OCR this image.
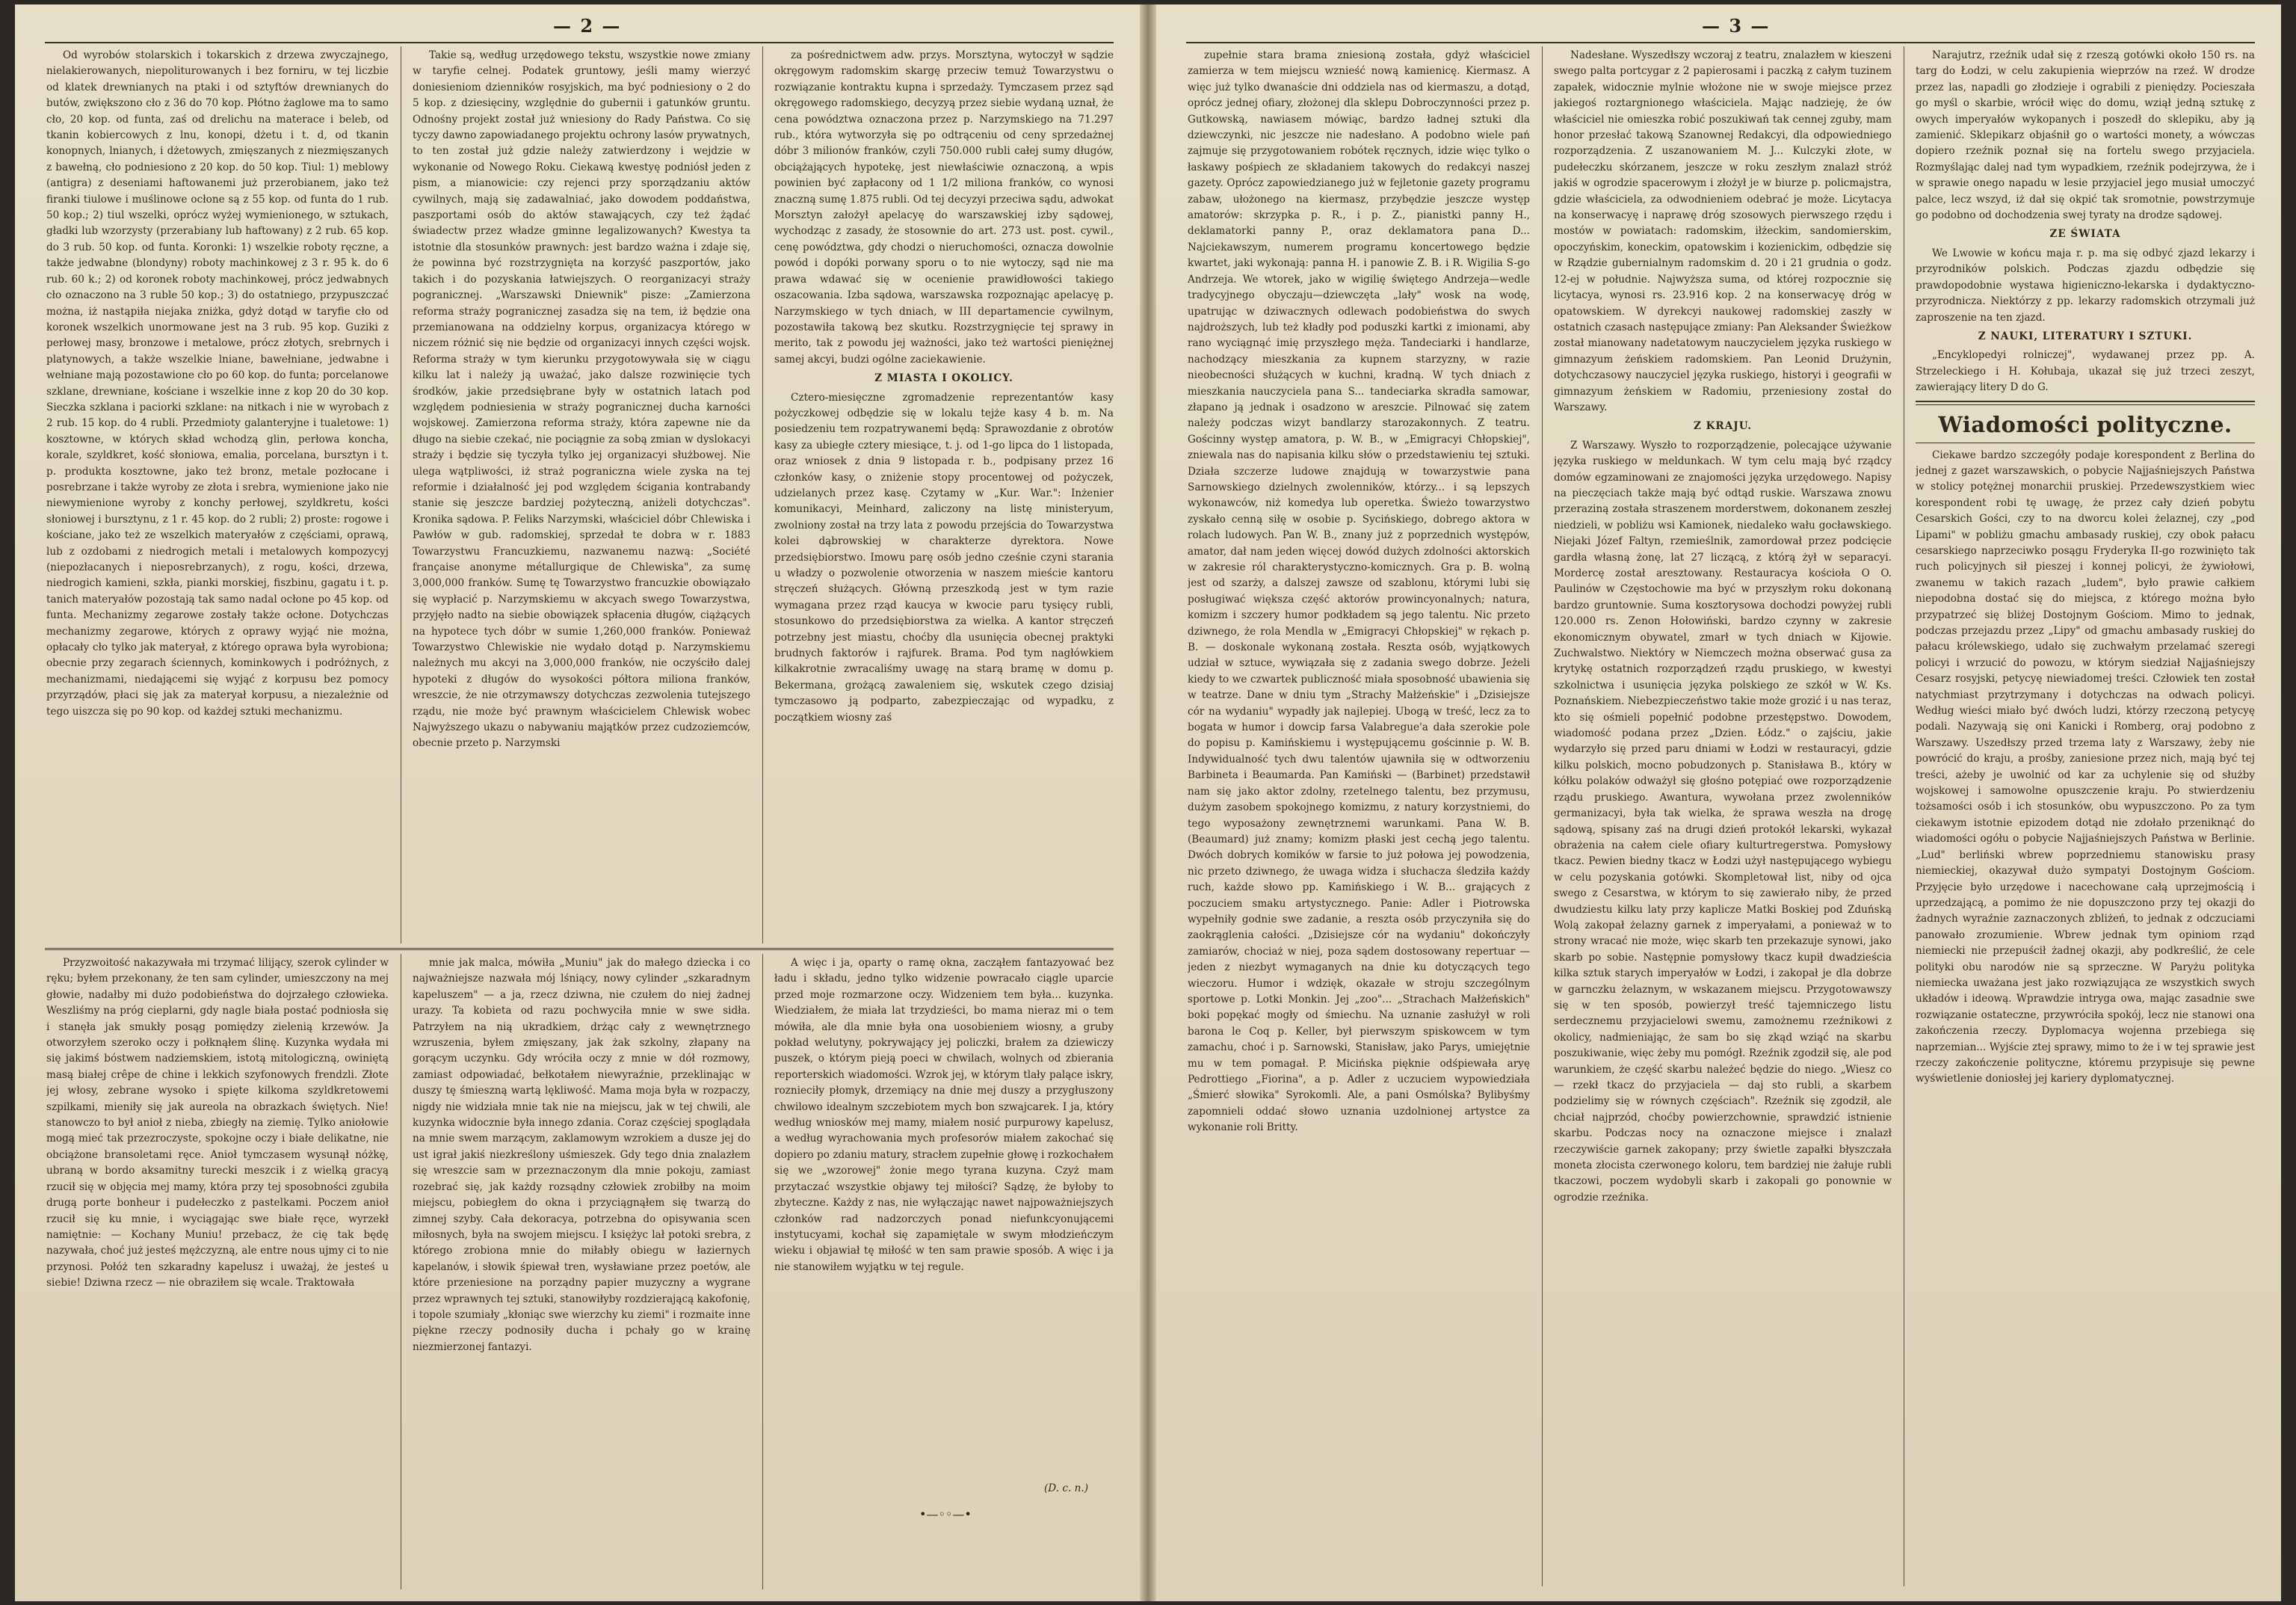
— 2 —

Od wyrobów stolarskich i tokarskich z drzewa zwyczajnego, nielakierowanych, niepoliturowanych i bez forniru, w tej liczbie od klatek drewnianych na ptaki i od sztyftów drewnianych do butów, zwiększono cło z 36 do 70 kop. Płótno żaglowe ma to samo cło, 20 kop. od funta, zaś od drelichu na materace i beleb, od tkanin kobiercowych z lnu, konopi, dżetu i t. d, od tkanin konopnych, lnianych, i dżetowych, zmięszanych z niezmięszanych z bawełną, cło podniesiono z 20 kop. do 50 kop. Tiul: 1) meblowy (antigra) z deseniami haftowanemi już przerobianem, jako też firanki tiulowe i muślinowe ocłone są z 55 kop. od funta do 1 rub. 50 kop.; 2) tiul wszelki, oprócz wyżej wymienionego, w sztukach, gładki lub wzorzysty (przerabiany lub haftowany) z 2 rub. 65 kop. do 3 rub. 50 kop. od funta. Koronki: 1) wszelkie roboty ręczne, a także jedwabne (blondyny) roboty machinkowej z 3 r. 95 k. do 6 rub. 60 k.; 2) od koronek roboty machinkowej, prócz jedwabnych cło oznaczono na 3 ruble 50 kop.; 3) do ostatniego, przypuszczać można, iż nastąpiła niejaka zniżka, gdyż dotąd w taryfie cło od koronek wszelkich unormowane jest na 3 rub. 95 kop. Guziki z perłowej masy, bronzowe i metalowe, prócz złotych, srebrnych i platynowych, a także wszelkie lniane, bawełniane, jedwabne i wełniane mają pozostawione cło po 60 kop. do funta; porcelanowe szklane, drewniane, kościane i wszelkie inne z kop 20 do 30 kop. Sieczka szklana i paciorki szklane: na nitkach i nie w wyrobach z 2 rub. 15 kop. do 4 rubli. Przedmioty galanteryjne i tualetowe: 1) kosztowne, w których skład wchodzą glin, perłowa koncha, korale, szyldkret, kość słoniowa, emalia, porcelana, bursztyn i t. p. produkta kosztowne, jako też bronz, metale pozłocane i posrebrzane i także wyroby ze złota i srebra, wymienione jako nie niewymienione wyroby z konchy perłowej, szyldkretu, kości słoniowej i bursztynu, z 1 r. 45 kop. do 2 rubli; 2) proste: rogowe i kościane, jako też ze wszelkich materyałów z częściami, oprawą, lub z ozdobami z niedrogich metali i metalowych kompozycyj (niepozłacanych i nieposrebrzanych), z rogu, kości, drzewa, niedrogich kamieni, szkła, pianki morskiej, fiszbinu, gagatu i t. p. tanich materyałów pozostają tak samo nadal ocłone po 45 kop. od funta. Mechanizmy zegarowe zostały także ocłone. Dotychczas mechanizmy zegarowe, których z oprawy wyjąć nie można, opłacały cło tylko jak materyał, z którego oprawa była wyrobiona; obecnie przy zegarach ściennych, kominkowych i podróżnych, z mechanizmami, niedającemi się wyjąć z korpusu bez pomocy przyrządów, płaci się jak za materyał korpusu, a niezależnie od tego uiszcza się po 90 kop. od każdej sztuki mechanizmu.

Takie są, według urzędowego tekstu, wszystkie nowe zmiany w taryfie celnej. Podatek gruntowy, jeśli mamy wierzyć doniesieniom dzienników rosyjskich, ma być podniesiony o 2 do 5 kop. z dziesięciny, względnie do gubernii i gatunków gruntu. Odnośny projekt został już wniesiony do Rady Państwa. Co się tyczy dawno zapowiadanego projektu ochrony lasów prywatnych, to ten został już gdzie należy zatwierdzony i wejdzie w wykonanie od Nowego Roku. Ciekawą kwestyę podniósł jeden z pism, a mianowicie: czy rejenci przy sporządzaniu aktów cywilnych, mają się zadawalniać, jako dowodem poddaństwa, paszportami osób do aktów stawających, czy też żądać świadectw przez władze gminne legalizowanych? Kwestya ta istotnie dla stosunków prawnych: jest bardzo ważna i zdaje się, że powinna być rozstrzygnięta na korzyść paszportów, jako takich i do pozyskania łatwiejszych. O reorganizacyi straży pogranicznej. „Warszawski Dniewnik" pisze: „Zamierzona reforma straży pogranicznej zasadza się na tem, iż będzie ona przemianowana na oddzielny korpus, organizacya którego w niczem różnić się nie będzie od organizacyi innych części wojsk. Reforma straży w tym kierunku przygotowywała się w ciągu kilku lat i należy ją uważać, jako dalsze rozwinięcie tych środków, jakie przedsiębrane były w ostatnich latach pod względem podniesienia w straży pogranicznej ducha karności wojskowej. Zamierzona reforma straży, która zapewne nie da długo na siebie czekać, nie pociągnie za sobą zmian w dyslokacyi straży i będzie się tyczyła tylko jej organizacyi służbowej. Nie ulega wątpliwości, iż straż pograniczna wiele zyska na tej reformie i działalność jej pod względem ścigania kontrabandy stanie się jeszcze bardziej pożyteczną, aniżeli dotychczas". Kronika sądowa. P. Feliks Narzymski, właściciel dóbr Chlewiska i Pawłów w gub. radomskiej, sprzedał te dobra w r. 1883 Towarzystwu Francuzkiemu, nazwanemu nazwą: „Société française anonyme métallurgique de Chlewiska", za sumę 3,000,000 franków. Sumę tę Towarzystwo francuzkie obowiązało się wypłacić p. Narzymskiemu w akcyach swego Towarzystwa, przyjęło nadto na siebie obowiązek spłacenia długów, ciążących na hypotece tych dóbr w sumie 1,260,000 franków. Ponieważ Towarzystwo Chlewiskie nie wydało dotąd p. Narzymskiemu należnych mu akcyi na 3,000,000 franków, nie oczyściło dalej hypoteki z długów do wysokości półtora miliona franków, wreszcie, że nie otrzymawszy dotychczas zezwolenia tutejszego rządu, nie może być prawnym właścicielem Chlewisk wobec Najwyższego ukazu o nabywaniu majątków przez cudzoziemców, obecnie przeto p. Narzymski

za pośrednictwem adw. przys. Morsztyna, wytoczył w sądzie okręgowym radomskim skargę przeciw temuż Towarzystwu o rozwiązanie kontraktu kupna i sprzedaży. Tymczasem przez sąd okręgowego radomskiego, decyzyą przez siebie wydaną uznał, że cena powództwa oznaczona przez p. Narzymskiego na 71.297 rub., która wytworzyła się po odtrąceniu od ceny sprzedażnej dóbr 3 milionów franków, czyli 750.000 rubli całej sumy długów, obciążających hypotekę, jest niewłaściwie oznaczoną, a wpis powinien być zapłacony od 1 1/2 miliona franków, co wynosi znaczną sumę 1.875 rubli. Od tej decyzyi przeciwa sądu, adwokat Morsztyn założył apelacyę do warszawskiej izby sądowej, wychodząc z zasady, że stosownie do art. 273 ust. post. cywil., cenę powództwa, gdy chodzi o nieruchomości, oznacza dowolnie powód i dopóki porwany sporu o to nie wytoczy, sąd nie ma prawa wdawać się w ocenienie prawidłowości takiego oszacowania. Izba sądowa, warszawska rozpoznając apelacyę p. Narzymskiego w tych dniach, w III departamencie cywilnym, pozostawiła takową bez skutku. Rozstrzygnięcie tej sprawy in merito, tak z powodu jej ważności, jako też wartości pieniężnej samej akcyi, budzi ogólne zaciekawienie.

Z MIASTA I OKOLICY.

Cztero-miesięczne zgromadzenie reprezentantów kasy pożyczkowej odbędzie się w lokalu tejże kasy 4 b. m. Na posiedzeniu tem rozpatrywanemi będą: Sprawozdanie z obrotów kasy za ubiegłe cztery miesiące, t. j. od 1-go lipca do 1 listopada, oraz wniosek z dnia 9 listopada r. b., podpisany przez 16 członków kasy, o zniżenie stopy procentowej od pożyczek, udzielanych przez kasę. Czytamy w „Kur. War.": Inżenier komunikacyi, Meinhard, zaliczony na listę ministeryum, zwolniony został na trzy lata z powodu przejścia do Towarzystwa kolei dąbrowskiej w charakterze dyrektora. Nowe przedsiębiorstwo. Imowu parę osób jedno cześnie czyni starania u władzy o pozwolenie otworzenia w naszem mieście kantoru stręczeń służących. Główną przeszkodą jest w tym razie wymagana przez rząd kaucya w kwocie paru tysięcy rubli, stosunkowo do przedsiębiorstwa za wielka. A kantor stręczeń potrzebny jest miastu, choćby dla usunięcia obecnej praktyki brudnych faktorów i rajfurek. Brama. Pod tym nagłówkiem kilkakrotnie zwracaliśmy uwagę na starą bramę w domu p. Bekermana, grożącą zawaleniem się, wskutek czego dzisiaj tymczasowo ją podparto, zabezpieczając od wypadku, z początkiem wiosny zaś

Przyzwoitość nakazywała mi trzymać lilijący, szerok cylinder w ręku; byłem przekonany, że ten sam cylinder, umieszczony na mej głowie, nadałby mi dużo podobieństwa do dojrzałego człowieka. Weszliśmy na próg cieplarni, gdy nagle biała postać podniosła się i stanęła jak smukły posąg pomiędzy zielenią krzewów. Ja otworzyłem szeroko oczy i połknąłem ślinę. Kuzynka wydała mi się jakimś bóstwem nadziemskiem, istotą mitologiczną, owiniętą masą białej crêpe de chine i lekkich szyfonowych frendzli. Złote jej włosy, zebrane wysoko i spięte kilkoma szyldkretowemi szpilkami, mieniły się jak aureola na obrazkach świętych. Nie! stanowczo to był anioł z nieba, zbiegły na ziemię. Tylko aniołowie mogą mieć tak przezroczyste, spokojne oczy i białe delikatne, nie obciążone bransoletami ręce. Anioł tymczasem wysunął nóżkę, ubraną w bordo aksamitny turecki meszcik i z wielką gracyą rzucił się w objęcia mej mamy, która przy tej sposobności zgubiła drugą porte bonheur i pudełeczko z pastelkami. Poczem anioł rzucił się ku mnie, i wyciągając swe białe ręce, wyrzekł namiętnie: — Kochany Muniu! przebacz, że cię tak będę nazywała, choć już jesteś mężczyzną, ale entre nous ujmy ci to nie przynosi. Połóż ten szkaradny kapelusz i uważaj, że jesteś u siebie! Dziwna rzecz — nie obraziłem się wcale. Traktowała

mnie jak malca, mówiła „Muniu" jak do małego dziecka i co najważniejsze nazwała mój lśniący, nowy cylinder „szkaradnym kapeluszem" — a ja, rzecz dziwna, nie czułem do niej żadnej urazy. Ta kobieta od razu pochwyciła mnie w swe sidła. Patrzyłem na nią ukradkiem, drżąc cały z wewnętrznego wzruszenia, byłem zmięszany, jak żak szkolny, złapany na gorącym uczynku. Gdy wróciła oczy z mnie w dół rozmowy, zamiast odpowiadać, bełkotałem niewyraźnie, przeklinając w duszy tę śmieszną wartą lękliwość. Mama moja była w rozpaczy, nigdy nie widziała mnie tak nie na miejscu, jak w tej chwili, ale kuzynka widocznie była innego zdania. Coraz częściej spoglądała na mnie swem marzącym, zaklamowym wzrokiem a dusze jej do ust igrał jakiś niezkreślony uśmieszek. Gdy tego dnia znalazłem się wreszcie sam w przeznaczonym dla mnie pokoju, zamiast rozebrać się, jak każdy rozsądny człowiek zrobiłby na moim miejscu, pobiegłem do okna i przyciągnąłem się twarzą do zimnej szyby. Cała dekoracya, potrzebna do opisywania scen miłosnych, była na swojem miejscu. I księżyc lał potoki srebra, z którego zrobiona mnie do miłabły obiegu w łaziernych kapelanów, i słowik śpiewał tren, wysławiane przez poetów, ale które przeniesione na porządny papier muzyczny a wygrane przez wprawnych tej sztuki, stanowiłyby rozdzierającą kakofonię, i topole szumiały „kłoniąc swe wierzchy ku ziemi" i rozmaite inne piękne rzeczy podnosiły ducha i pchały go w krainę niezmierzonej fantazyi.

A więc i ja, oparty o ramę okna, zacząłem fantazyować bez ładu i składu, jedno tylko widzenie powracało ciągle uparcie przed moje rozmarzone oczy. Widzeniem tem była... kuzynka. Wiedziałem, że miała lat trzydzieści, bo mama nieraz mi o tem mówiła, ale dla mnie była ona uosobieniem wiosny, a gruby pokład welutyny, pokrywający jej policzki, brałem za dziewiczy puszek, o którym pieją poeci w chwilach, wolnych od zbierania reporterskich wiadomości. Wzrok jej, w którym tlały palące iskry, roznieciły płomyk, drzemiący na dnie mej duszy a przygłuszony chwilowo idealnym szczebiotem mych bon szwajcarek. I ja, który według wniosków mej mamy, miałem nosić purpurowy kapelusz, a według wyrachowania mych profesorów miałem zakochać się dopiero po zdaniu matury, stracłem zupełnie głowę i rozkochałem się we „wzorowej" żonie mego tyrana kuzyna. Czyż mam przytaczać wszystkie objawy tej miłości? Sądzę, że byłoby to zbyteczne. Każdy z nas, nie wyłączając nawet najpoważniejszych członków rad nadzorczych ponad niefunkcyonującemi instytucyami, kochał się zapamiętale w swym młodzieńczym wieku i objawiał tę miłość w ten sam prawie sposób. A więc i ja nie stanowiłem wyjątku w tej regule.

(D. c. n.)
•—◦◦—•
— 3 —

zupełnie stara brama zniesioną została, gdyż właściciel zamierza w tem miejscu wznieść nową kamienicę. Kiermasz. A więc już tylko dwanaście dni oddziela nas od kiermaszu, a dotąd, oprócz jednej ofiary, złożonej dla sklepu Dobroczynności przez p. Gutkowską, nawiasem mówiąc, bardzo ładnej sztuki dla dziewczynki, nic jeszcze nie nadesłano. A podobno wiele pań zajmuje się przygotowaniem robótek ręcznych, idzie więc tylko o łaskawy pośpiech ze składaniem takowych do redakcyi naszej gazety. Oprócz zapowiedzianego już w fejletonie gazety programu zabaw, ułożonego na kiermasz, przybędzie jeszcze występ amatorów: skrzypka p. R., i p. Z., pianistki panny H., deklamatorki panny P., oraz deklamatora pana D... Najciekawszym, numerem programu koncertowego będzie kwartet, jaki wykonają: panna H. i panowie Z. B. i R. Wigilia S-go Andrzeja. We wtorek, jako w wigilię świętego Andrzeja—wedle tradycyjnego obyczaju—dziewczęta „lały" wosk na wodę, upatrując w dziwacznych odlewach podobieństwa do swych najdroższych, lub też kładły pod poduszki kartki z imionami, aby rano wyciągnąć imię przyszłego męża. Tandeciarki i handlarze, nachodzący mieszkania za kupnem starzyzny, w razie nieobecności służących w kuchni, kradną. W tych dniach z mieszkania nauczyciela pana S... tandeciarka skradła samowar, złapano ją jednak i osadzono w areszcie. Pilnować się zatem należy podczas wizyt bandlarzy starozakonnych. Z teatru. Gościnny występ amatora, p. W. B., w „Emigracyi Chłopskiej", zniewala nas do napisania kilku słów o przedstawieniu tej sztuki. Działa szczerze ludowe znajdują w towarzystwie pana Sarnowskiego dzielnych zwolenników, którzy... i są lepszych wykonawców, niż komedya lub operetka. Świeżo towarzystwo zyskało cenną siłę w osobie p. Sycińskiego, dobrego aktora w rolach ludowych. Pan W. B., znany już z poprzednich występów, amator, dał nam jeden więcej dowód dużych zdolności aktorskich w zakresie ról charakterystyczno-komicznych. Gra p. B. wolną jest od szarży, a dalszej zawsze od szablonu, którymi lubi się posługiwać większa część aktorów prowincyonalnych; natura, komizm i szczery humor podkładem są jego talentu. Nic przeto dziwnego, że rola Mendla w „Emigracyi Chłopskiej" w rękach p. B. — doskonale wykonaną została. Reszta osób, wyjątkowych udział w sztuce, wywiązała się z zadania swego dobrze. Jeżeli kiedy to we czwartek publiczność miała sposobność ubawienia się w teatrze. Dane w dniu tym „Strachy Małżeńskie" i „Dzisiejsze cór na wydaniu" wypadły jak najlepiej. Ubogą w treść, lecz za to bogata w humor i dowcip farsa Valabregue'a dała szerokie pole do popisu p. Kamińskiemu i występującemu gościnnie p. W. B. Indywidualność tych dwu talentów ujawniła się w odtworzeniu Barbineta i Beaumarda. Pan Kamiński — (Barbinet) przedstawił nam się jako aktor zdolny, rzetelnego talentu, bez przymusu, dużym zasobem spokojnego komizmu, z natury korzystniemi, do tego wyposażony zewnętrznemi warunkami. Pana W. B. (Beaumard) już znamy; komizm płaski jest cechą jego talentu. Dwóch dobrych komików w farsie to już połowa jej powodzenia, nic przeto dziwnego, że uwaga widza i słuchacza śledziła każdy ruch, każde słowo pp. Kamińskiego i W. B... grających z poczuciem smaku artystycznego. Panie: Adler i Piotrowska wypełniły godnie swe zadanie, a reszta osób przyczyniła się do zaokrąglenia całości. „Dzisiejsze cór na wydaniu" dokończyły zamiarów, chociaż w niej, poza sądem dostosowany repertuar — jeden z niezbyt wymaganych na dnie ku dotyczących tego wieczoru. Humor i wdzięk, okazałe w stroju szczególnym sportowe p. Lotki Monkin. Jej „zoo"... „Strachach Małżeńskich" boki popękać mogły od śmiechu. Na uznanie zasłużył w roli barona le Coq p. Keller, był pierwszym spiskowcem w tym zamachu, choć i p. Sarnowski, Stanisław, jako Parys, umiejętnie mu w tem pomagał. P. Micińska pięknie odśpiewała aryę Pedrottiego „Fiorina", a p. Adler z uczuciem wypowiedziała „Śmierć słowika" Syrokomli. Ale, a pani Osmólska? Bylibyśmy zapomnieli oddać słowo uznania uzdolnionej artystce za wykonanie roli Britty.

Nadesłane. Wyszedłszy wczoraj z teatru, znalazłem w kieszeni swego palta portcygar z 2 papierosami i paczką z całym tuzinem zapałek, widocznie mylnie włożone nie w swoje miejsce przez jakiegoś roztargnionego właściciela. Mając nadzieję, że ów właściciel nie omieszka robić poszukiwań tak cennej zguby, mam honor przesłać takową Szanownej Redakcyi, dla odpowiedniego rozporządzenia. Z uszanowaniem M. J... Kulczyki złote, w pudełeczku skórzanem, jeszcze w roku zeszłym znalazł stróż jakiś w ogrodzie spacerowym i złożył je w biurze p. policmajstra, gdzie właściciela, za odwodnieniem odebrać je może. Licytacya na konserwacyę i naprawę dróg szosowych pierwszego rzędu i mostów w powiatach: radomskim, iłżeckim, sandomierskim, opoczyńskim, koneckim, opatowskim i kozienickim, odbędzie się w Rządzie gubernialnym radomskim d. 20 i 21 grudnia o godz. 12-ej w południe. Najwyższa suma, od której rozpocznie się licytacya, wynosi rs. 23.916 kop. 2 na konserwacyę dróg w opatowskiem. W dyrekcyi naukowej radomskiej zaszły w ostatnich czasach następujące zmiany: Pan Aleksander Świeżkow został mianowany nadetatowym nauczycielem języka ruskiego w gimnazyum żeńskiem radomskiem. Pan Leonid Drużynin, dotychczasowy nauczyciel języka ruskiego, historyi i geografii w gimnazyum żeńskiem w Radomiu, przeniesiony został do Warszawy.

Z KRAJU.

Z Warszawy. Wyszło to rozporządzenie, polecające używanie języka ruskiego w meldunkach. W tym celu mają być rządcy domów egzaminowani ze znajomości języka urzędowego. Napisy na pieczęciach także mają być odtąd ruskie. Warszawa znowu przeraziną została straszenem morderstwem, dokonanem zeszłej niedzieli, w pobliżu wsi Kamionek, niedaleko wału gocławskiego. Niejaki Józef Faltyn, rzemieślnik, zamordował przez podcięcie gardła własną żonę, lat 27 liczącą, z którą żył w separacyi. Mordercę został aresztowany. Restauracya kościoła O O. Paulinów w Częstochowie ma być w przyszłym roku dokonaną bardzo gruntownie. Suma kosztorysowa dochodzi powyżej rubli 120.000 rs. Zenon Hołowiński, bardzo czynny w zakresie ekonomicznym obywatel, zmarł w tych dniach w Kijowie. Zuchwalstwo. Niektóry w Niemczech można obserwać gusa za krytykę ostatnich rozporządzeń rządu pruskiego, w kwestyi szkolnictwa i usunięcia języka polskiego ze szkół w W. Ks. Poznańskiem. Niebezpieczeństwo takie może grozić i u nas teraz, kto się ośmieli popełnić podobne przestępstwo. Dowodem, wiadomość podana przez „Dzien. Łódz." o zajściu, jakie wydarzyło się przed paru dniami w Łodzi w restauracyi, gdzie kilku polskich, mocno pobudzonych p. Stanisława B., który w kółku polaków odważył się głośno potępiać owe rozporządzenie rządu pruskiego. Awantura, wywołana przez zwolenników germanizacyi, była tak wielka, że sprawa weszła na drogę sądową, spisany zaś na drugi dzień protokół lekarski, wykazał obrażenia na całem ciele ofiary kulturtregerstwa. Pomysłowy tkacz. Pewien biedny tkacz w Łodzi użył następującego wybiegu w celu pozyskania gotówki. Skompletował list, niby od ojca swego z Cesarstwa, w którym to się zawierało niby, że przed dwudziestu kilku laty przy kaplicze Matki Boskiej pod Zduńską Wolą zakopał żelazny garnek z imperyałami, a ponieważ w to strony wracać nie może, więc skarb ten przekazuje synowi, jako skarb po sobie. Następnie pomysłowy tkacz kupił dwadzieścia kilka sztuk starych imperyałów w Łodzi, i zakopał je dla dobrze w garnczku żelaznym, w wskazanem miejscu. Przygotowawszy się w ten sposób, powierzył treść tajemniczego listu serdecznemu przyjacielowi swemu, zamożnemu rzeźnikowi z okolicy, nadmieniając, że sam bo się zkąd wziąć na skarbu poszukiwanie, więc żeby mu pomógł. Rzeźnik zgodził się, ale pod warunkiem, że część skarbu należeć będzie do niego. „Wiesz co — rzekł tkacz do przyjaciela — daj sto rubli, a skarbem podzielimy się w równych częściach". Rzeźnik się zgodził, ale chciał najprzód, choćby powierzchownie, sprawdzić istnienie skarbu. Podczas nocy na oznaczone miejsce i znalazł rzeczywiście garnek zakopany; przy świetle zapałki błyszczała moneta złocista czerwonego koloru, tem bardziej nie żałuje rubli tkaczowi, poczem wydobyli skarb i zakopali go ponownie w ogrodzie rzeźnika.

Narajutrz, rzeźnik udał się z rzeszą gotówki około 150 rs. na targ do Łodzi, w celu zakupienia wieprzów na rzeź. W drodze przez las, napadli go złodzieje i ograbili z pieniędzy. Pocieszała go myśl o skarbie, wrócił więc do domu, wziął jedną sztukę z owych imperyałów wykopanych i poszedł do sklepiku, aby ją zamienić. Sklepikarz objaśnił go o wartości monety, a wówczas dopiero rzeźnik poznał się na fortelu swego przyjaciela. Rozmyślając dalej nad tym wypadkiem, rzeźnik podejrzywa, że i w sprawie onego napadu w lesie przyjaciel jego musiał umoczyć palce, lecz wszyd, iż dał się okpić tak sromotnie, powstrzymuje go podobno od dochodzenia swej tyraty na drodze sądowej.

ZE ŚWIATA

We Lwowie w końcu maja r. p. ma się odbyć zjazd lekarzy i przyrodników polskich. Podczas zjazdu odbędzie się prawdopodobnie wystawa higieniczno-lekarska i dydaktyczno-przyrodnicza. Niektórzy z pp. lekarzy radomskich otrzymali już zaproszenie na ten zjazd.

Z NAUKI, LITERATURY I SZTUKI.

„Encyklopedyi rolniczej", wydawanej przez pp. A. Strzeleckiego i H. Kołubaja, ukazał się już trzeci zeszyt, zawierający litery D do G.

Wiadomości polityczne.

Ciekawe bardzo szczegóły podaje korespondent z Berlina do jednej z gazet warszawskich, o pobycie Najjaśniejszych Państwa w stolicy potężnej monarchii pruskiej. Przedewszystkiem wiec korespondent robi tę uwagę, że przez cały dzień pobytu Cesarskich Gości, czy to na dworcu kolei żelaznej, czy „pod Lipami" w pobliżu gmachu ambasady ruskiej, czy obok pałacu cesarskiego naprzeciwko posągu Fryderyka II-go rozwinięto tak ruch policyjnych sił pieszej i konnej policyi, że żywiołowi, zwanemu w takich razach „ludem", było prawie całkiem niepodobna dostać się do miejsca, z którego można było przypatrzeć się bliżej Dostojnym Gościom. Mimo to jednak, podczas przejazdu przez „Lipy" od gmachu ambasady ruskiej do pałacu królewskiego, udało się zuchwałym przelamać szeregi policyi i wrzucić do powozu, w którym siedział Najjaśniejszy Cesarz rosyjski, petycyę niewiadomej treści. Człowiek ten został natychmiast przytrzymany i dotychczas na odwach policyi. Według wieści miało być dwóch ludzi, którzy rzeczoną petycyę podali. Nazywają się oni Kanicki i Romberg, oraj podobno z Warszawy. Uszedłszy przed trzema laty z Warszawy, żeby nie powrócić do kraju, a prośby, zaniesione przez nich, mają być tej treści, ażeby je uwolnić od kar za uchylenie się od służby wojskowej i samowolne opuszczenie kraju. Po stwierdzeniu tożsamości osób i ich stosunków, obu wypuszczono. Po za tym ciekawym istotnie epizodem dotąd nie zdołało przeniknąć do wiadomości ogółu o pobycie Najjaśniejszych Państwa w Berlinie. „Lud" berliński wbrew poprzedniemu stanowisku prasy niemieckiej, okazywał dużo sympatyi Dostojnym Gościom. Przyjęcie było urzędowe i nacechowane całą uprzejmością i uprzedzającą, a pomimo że nie dopuszczono przy tej okazji do żadnych wyraźnie zaznaczonych zbliżeń, to jednak z odczuciami panowało zrozumienie. Wbrew jednak tym opiniom rząd niemiecki nie przepuścił żadnej okazji, aby podkreślić, że cele polityki obu narodów nie są sprzeczne. W Paryżu polityka niemiecka uważana jest jako rozwiązująca ze wszystkich swych układów i ideową. Wprawdzie intryga owa, mając zasadnie swe rozwiązanie ostateczne, przywróciła spokój, lecz nie stanowi ona zakończenia rzeczy. Dyplomacya wojenna przebiega się naprzemian... Wyjście ztej sprawy, mimo to że i w tej sprawie jest rzeczy zakończenie polityczne, któremu przypisuje się pewne wyświetlenie doniosłej jej kariery dyplomatycznej.
